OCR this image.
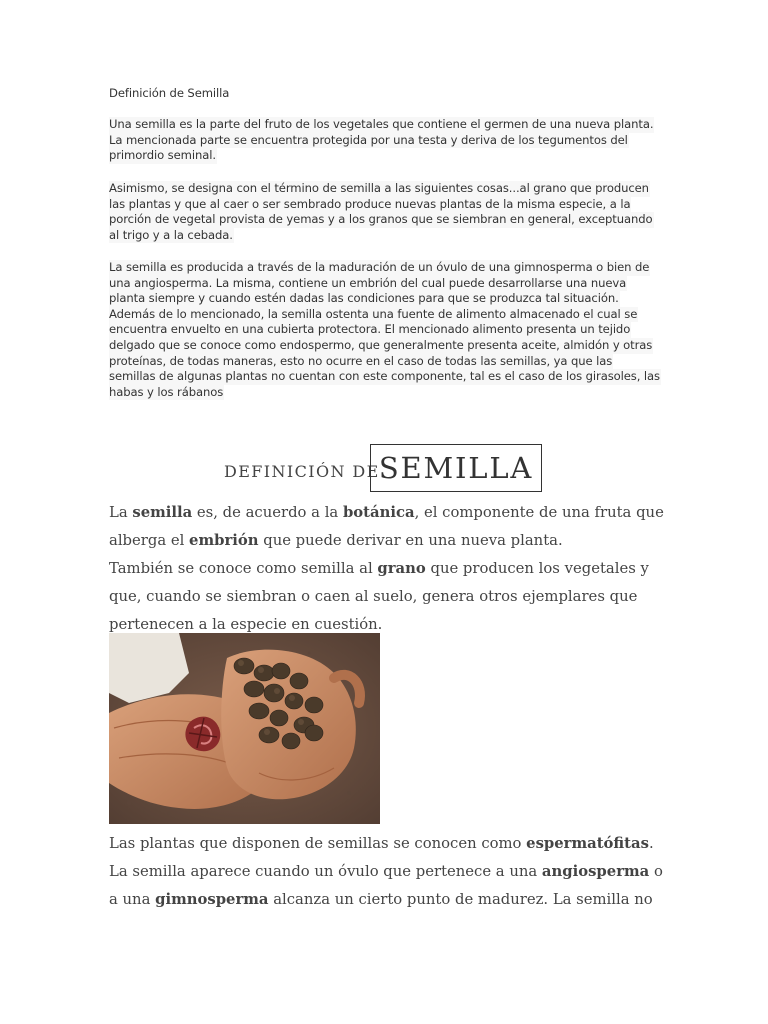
Definición de Semilla
Una semilla es la parte del fruto de los vegetales que contiene el germen de una nueva planta.
La mencionada parte se encuentra protegida por una testa y deriva de los tegumentos del
primordio seminal.
Asimismo, se designa con el término de semilla a las siguientes cosas...al grano que producen
las plantas y que al caer o ser sembrado produce nuevas plantas de la misma especie, a la
porción de vegetal provista de yemas y a los granos que se siembran en general, exceptuando
al trigo y a la cebada.
La semilla es producida a través de la maduración de un óvulo de una gimnosperma o bien de
una angiosperma. La misma, contiene un embrión del cual puede desarrollarse una nueva
planta siempre y cuando estén dadas las condiciones para que se produzca tal situación.
Además de lo mencionado, la semilla ostenta una fuente de alimento almacenado el cual se
encuentra envuelto en una cubierta protectora. El mencionado alimento presenta un tejido
delgado que se conoce como endospermo, que generalmente presenta aceite, almidón y otras
proteínas, de todas maneras, esto no ocurre en el caso de todas las semillas, ya que las
semillas de algunas plantas no cuentan con este componente, tal es el caso de los girasoles, las
habas y los rábanos
DEFINICIÓN DE SEMILLA
La semilla es, de acuerdo a la botánica, el componente de una fruta que
alberga el embrión que puede derivar en una nueva planta.
También se conoce como semilla al grano que producen los vegetales y
que, cuando se siembran o caen al suelo, genera otros ejemplares que
pertenecen a la especie en cuestión.
Las plantas que disponen de semillas se conocen como espermatófitas.
La semilla aparece cuando un óvulo que pertenece a una angiosperma o
a una gimnosperma alcanza un cierto punto de madurez. La semilla no
